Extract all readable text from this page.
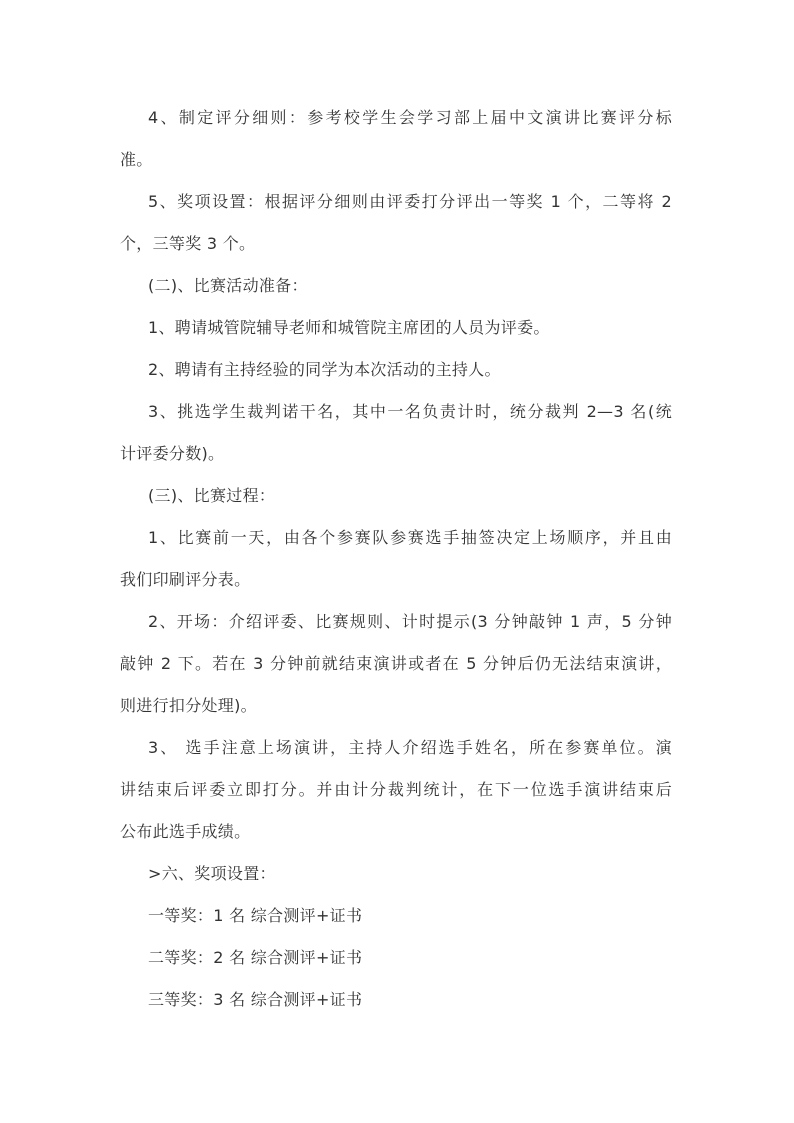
4、制定评分细则：参考校学生会学习部上届中文演讲比赛评分标
准。
5、奖项设置：根据评分细则由评委打分评出一等奖 1 个，二等将 2
个，三等奖 3 个。
(二)、比赛活动准备：
1、聘请城管院辅导老师和城管院主席团的人员为评委。
2、聘请有主持经验的同学为本次活动的主持人。
3、挑选学生裁判诺干名，其中一名负责计时，统分裁判 2—3 名(统
计评委分数)。
(三)、比赛过程：
1、比赛前一天，由各个参赛队参赛选手抽签决定上场顺序，并且由
我们印刷评分表。
2、开场：介绍评委、比赛规则、计时提示(3 分钟敲钟 1 声，5 分钟
敲钟 2 下。若在 3 分钟前就结束演讲或者在 5 分钟后仍无法结束演讲，
则进行扣分处理)。
3、 选手注意上场演讲，主持人介绍选手姓名，所在参赛单位。演
讲结束后评委立即打分。并由计分裁判统计，在下一位选手演讲结束后
公布此选手成绩。
>六、奖项设置：
一等奖：1 名 综合测评+证书
二等奖：2 名 综合测评+证书
三等奖：3 名 综合测评+证书
